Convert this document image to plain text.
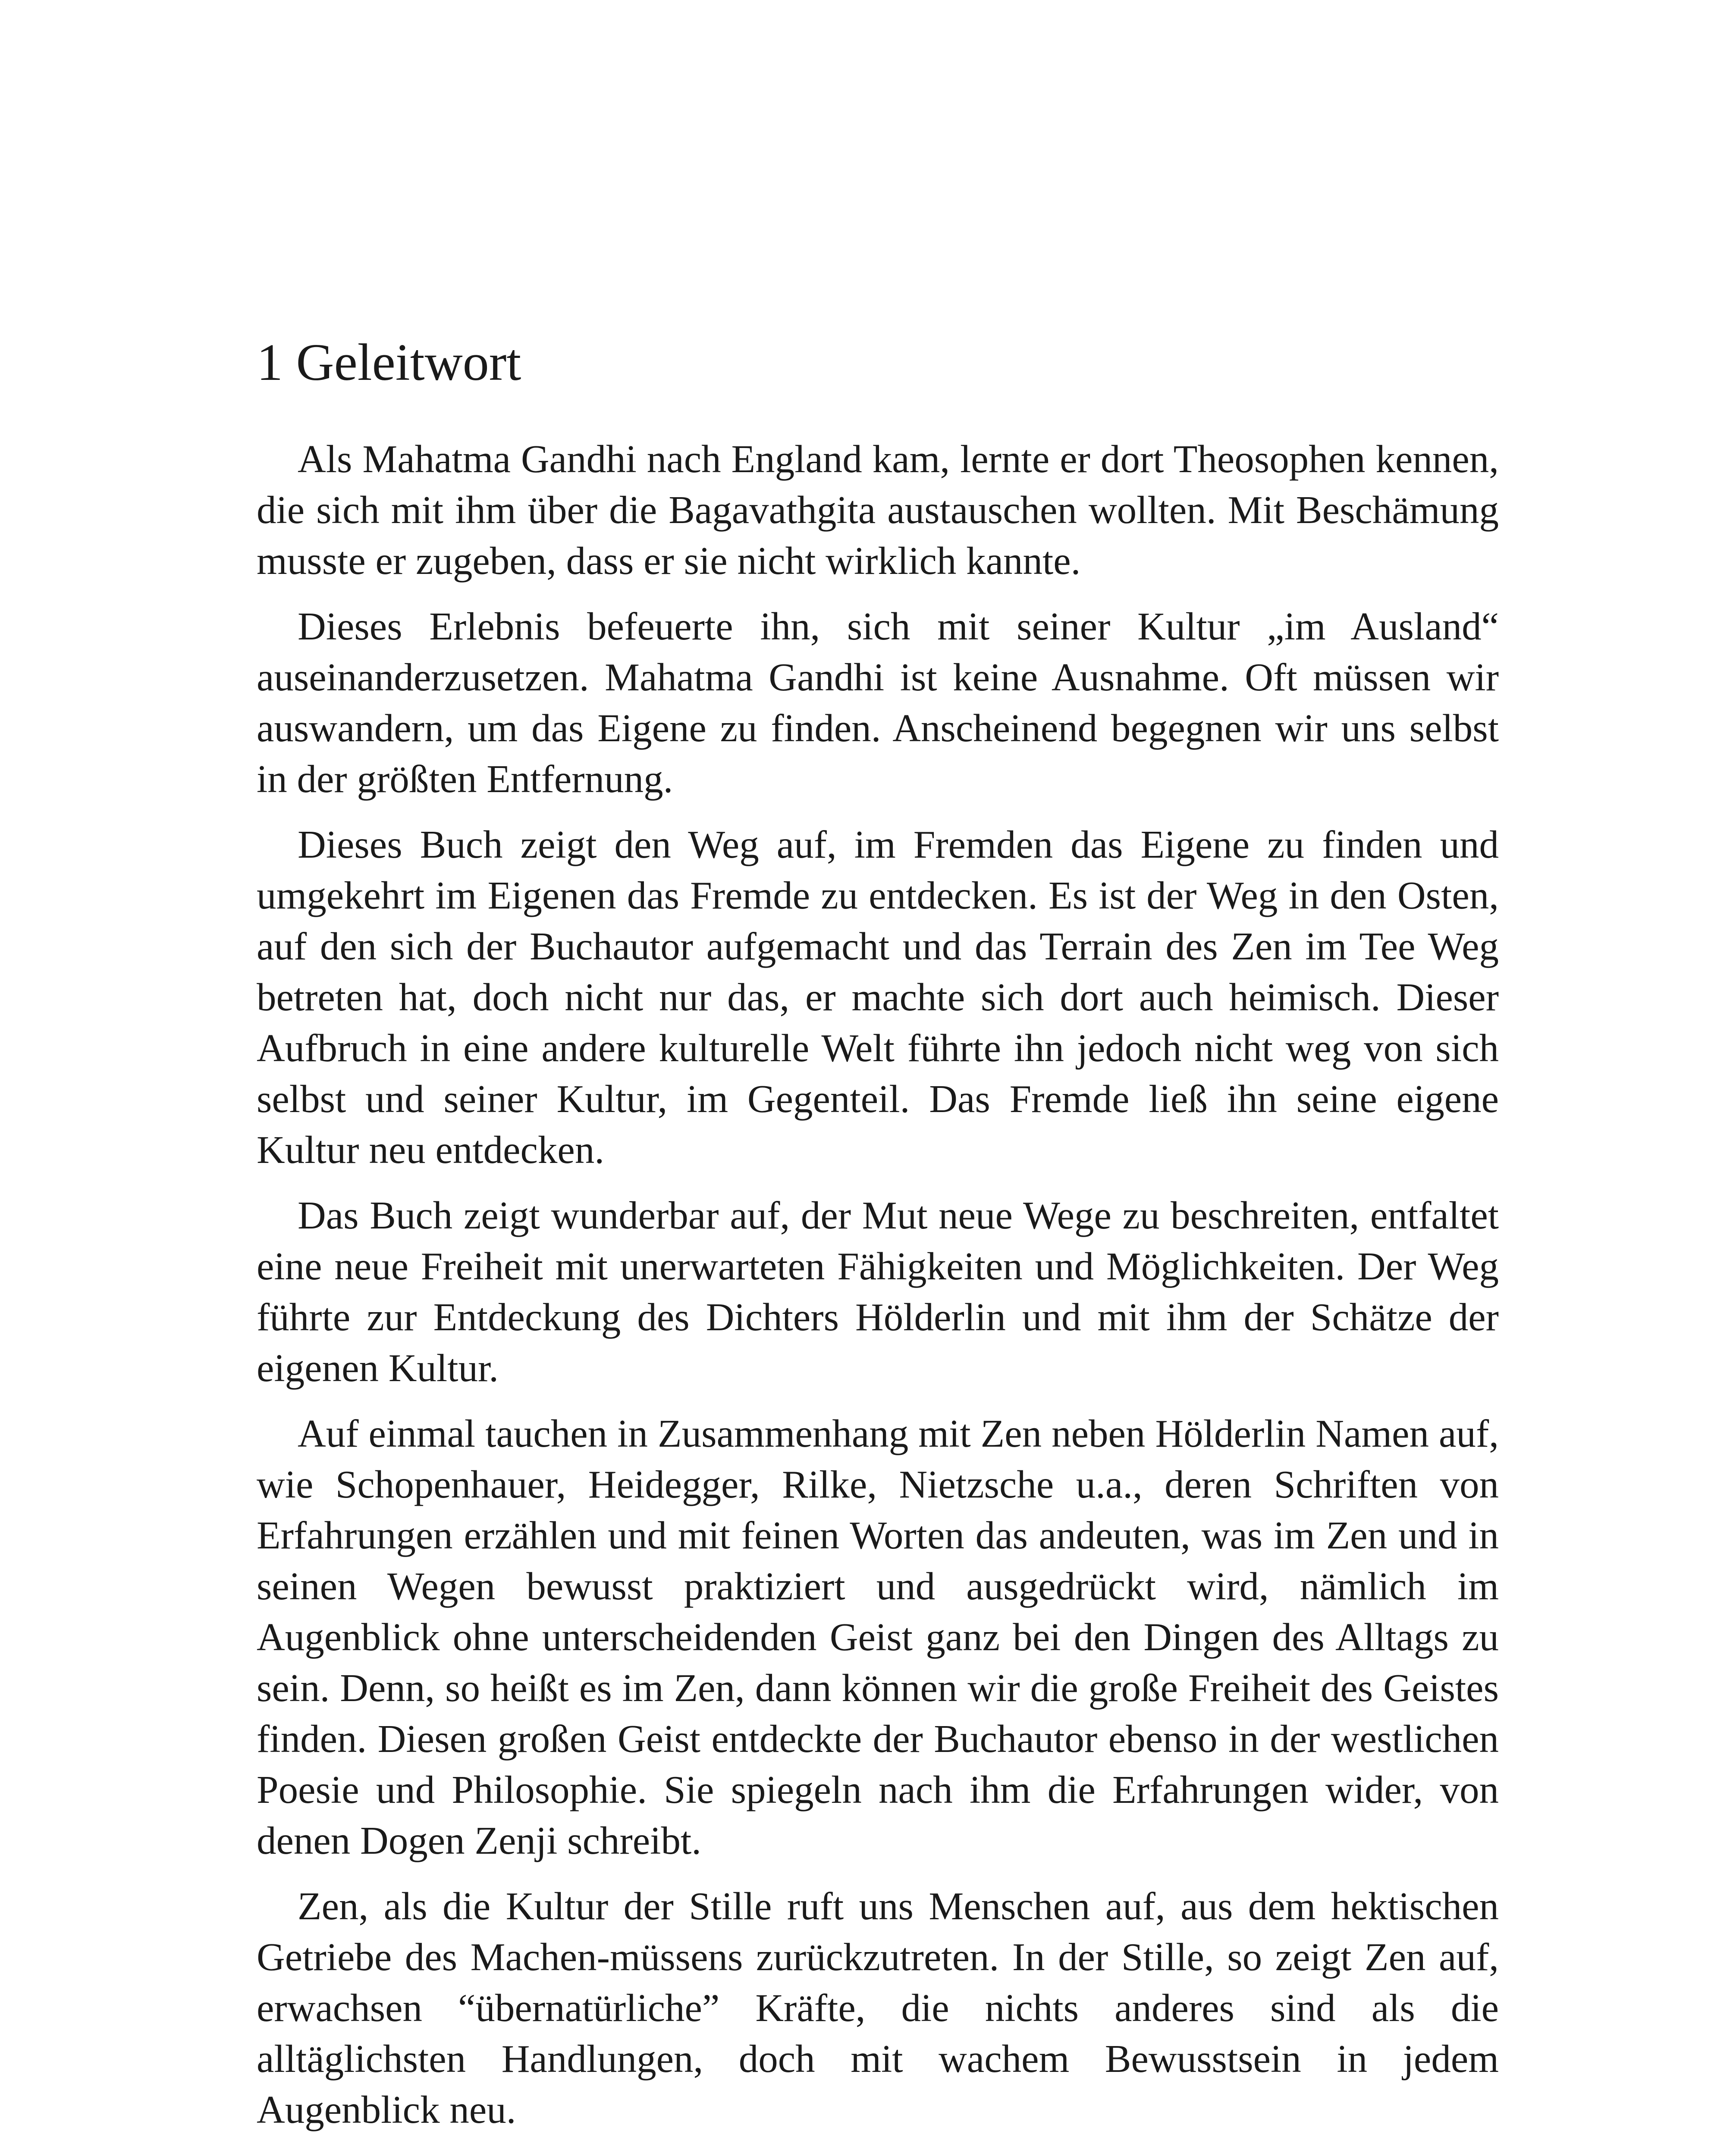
1 Geleitwort

Als Mahatma Gandhi nach England kam, lernte er dort Theosophen kennen, die sich mit ihm über die Bagavathgita austauschen wollten. Mit Beschämung musste er zugeben, dass er sie nicht wirklich kannte.

Dieses Erlebnis befeuerte ihn, sich mit seiner Kultur „im Ausland“ auseinanderzusetzen. Mahatma Gandhi ist keine Ausnahme. Oft müssen wir auswandern, um das Eigene zu finden. Anscheinend begegnen wir uns selbst in der größten Entfernung.

Dieses Buch zeigt den Weg auf, im Fremden das Eigene zu finden und umgekehrt im Eigenen das Fremde zu entdecken. Es ist der Weg in den Osten, auf den sich der Buchautor aufgemacht und das Terrain des Zen im Tee Weg betreten hat, doch nicht nur das, er machte sich dort auch heimisch. Dieser Aufbruch in eine andere kulturelle Welt führte ihn jedoch nicht weg von sich selbst und seiner Kultur, im Gegenteil. Das Fremde ließ ihn seine eigene Kultur neu entdecken.

Das Buch zeigt wunderbar auf, der Mut neue Wege zu beschreiten, entfaltet eine neue Freiheit mit unerwarteten Fähigkeiten und Möglichkeiten. Der Weg führte zur Entdeckung des Dichters Hölderlin und mit ihm der Schätze der eigenen Kultur.

Auf einmal tauchen in Zusammenhang mit Zen neben Hölderlin Namen auf, wie Schopenhauer, Heidegger, Rilke, Nietzsche u.a., deren Schriften von Erfahrungen erzählen und mit feinen Worten das andeuten, was im Zen und in seinen Wegen bewusst praktiziert und ausgedrückt wird, nämlich im Augenblick ohne unterscheidenden Geist ganz bei den Dingen des Alltags zu sein. Denn, so heißt es im Zen, dann können wir die große Freiheit des Geistes finden. Diesen großen Geist entdeckte der Buchautor ebenso in der westlichen Poesie und Philosophie. Sie spiegeln nach ihm die Erfahrungen wider, von denen Dogen Zenji schreibt.

Zen, als die Kultur der Stille ruft uns Menschen auf, aus dem hektischen Getriebe des Machen-müssens zurückzutreten. In der Stille, so zeigt Zen auf, erwachsen “übernatürliche” Kräfte, die nichts anderes sind als die alltäglichsten Handlungen, doch mit wachem Bewusstsein in jedem Augenblick neu.
